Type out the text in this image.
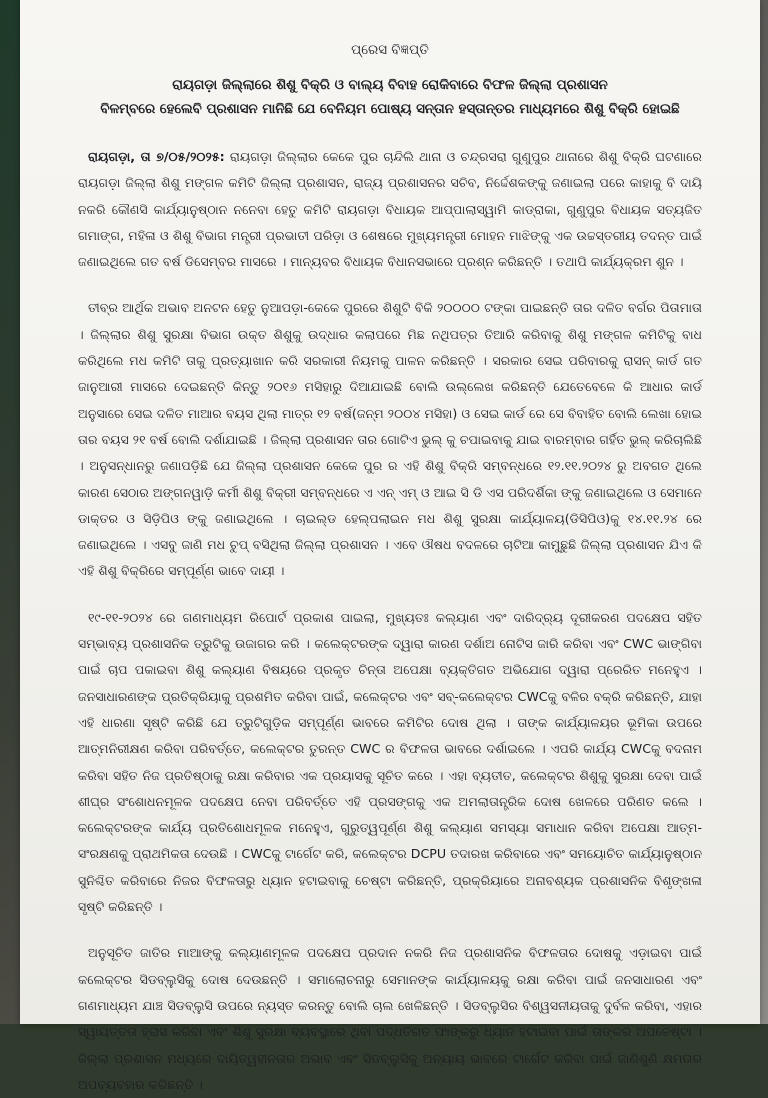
ପ୍ରେସ ବିଜ୍ଞପ୍ତି

ରାୟଗଡ଼ା ଜିଲ୍ଲାରେ ଶିଶୁ ବିକ୍ରି ଓ ବାଲ୍ୟ ବିବାହ ରୋକିବାରେ ବିଫଳ ଜିଲ୍ଲା ପ୍ରଶାସନ

ବିଳମ୍ବରେ ହେଲେବି ପ୍ରଶାସନ ମାନିଛି ଯେ ବେନିୟମ ପୋଷ୍ୟ ସନ୍ତାନ ହସ୍ତାନ୍ତର ମାଧ୍ୟମରେ ଶିଶୁ ବିକ୍ରି ହୋଇଛି

ରାୟଗଡ଼ା, ତା ୭/୦୫/୨୦୨୫: ରାୟଗଡ଼ା ଜିଲ୍ଲାର କେକେ ପୁର ଚାନ୍ଦିଲି ଥାନା ଓ ଚନ୍ଦ୍ରସରା ଗୁଣୁପୁର ଥାନାରେ ଶିଶୁ ବିକ୍ରି ଘଟଣାରେ ରାୟଗଡ଼ା ଜିଲ୍ଲା ଶିଶୁ ମଙ୍ଗଳ କମିଟି ଜିଲ୍ଲା ପ୍ରଶାସନ, ରାଜ୍ୟ ପ୍ରଶାସନର ସଚିବ, ନିର୍ଦ୍ଦେଶକଙ୍କୁ ଜଣାଇଲା ପରେ କାହାକୁ ବି ଦାୟି ନକରି କୌଣସି କାର୍ଯ୍ୟାନୁଷ୍ଠାନ ନନେବା ହେତୁ କମିଟି ରାୟଗଡ଼ା ବିଧାୟକ ଆପ୍ପାଲାସ୍ୱାମି କାଡ୍ରାକା, ଗୁଣୁପୁର ବିଧାୟକ ସତ୍ୟଜିତ ଗମାଙ୍ଗ, ମହିଳା ଓ ଶିଶୁ ବିଭାଗ ମନ୍ତ୍ରୀ ପ୍ରଭାତୀ ପରିଡ଼ା ଓ ଶେଷରେ ମୁଖ୍ୟମନ୍ତ୍ରୀ ମୋହନ ମାଝିଙ୍କୁ ଏକ ଉଚ୍ଚସ୍ତରୀୟ ତଦନ୍ତ ପାଇଁ ଜଣାଇଥିଲେ ଗତ ବର୍ଷ ଡିସେମ୍ବର ମାସରେ । ମାନ୍ୟବର ବିଧାୟକ ବିଧାନସଭାରେ ପ୍ରଶ୍ନ କରିଛନ୍ତି । ତଥାପି କାର୍ଯ୍ୟକ୍ରମ ଶୁନ ।

ତୀବ୍ର ଆର୍ଥିକ ଅଭାବ ଅନଟନ ହେତୁ ନୁଆପଡ଼ା-କେକେ ପୁରରେ ଶିଶୁଟି ବିକି ୨୦୦୦୦ ଟଙ୍କା ପାଇଛନ୍ତି ତାର ଦଳିତ ବର୍ଗର ପିତାମାତା । ଜିଲ୍ଲାର ଶିଶୁ ସୁରକ୍ଷା ବିଭାଗ ଉକ୍ତ ଶିଶୁକୁ ଉଦ୍ଧାର କଲାପରେ ମିଛ ନଥିପତ୍ର ତିଆରି କରିବାକୁ ଶିଶୁ ମଙ୍ଗଳ କମିଟିକୁ ବାଧ କରିଥିଲେ ମଧ କମିଟି ତାକୁ ପ୍ରତ୍ୟାଖାନ କରି ସରକାରୀ ନିୟମକୁ ପାଳନ କରିଛନ୍ତି । ସରକାର ସେଇ ପରିବାରକୁ ରାସନ୍ କାର୍ଡ ଗତ ଜାନୁଆରୀ ମାସରେ ଦେଇଛନ୍ତି କିନ୍ତୁ ୨୦୧୬ ମସିହାରୁ ଦିଆଯାଇଛି ବୋଲି ଉଲ୍ଲେଖ କରିଛନ୍ତି ଯେତେବେଳେ କି ଆଧାର କାର୍ଡ ଅନୁସାରେ ସେଇ ଦଳିତ ମାଆର ବୟସ ଥିଲା ମାତ୍ର ୧୨ ବର୍ଷ(ଜନ୍ମ ୨୦୦୪ ମସିହା) ଓ ସେଇ କାର୍ଡ ରେ ସେ ବିବାହିତ ବୋଲି ଲେଖା ହୋଇ ତାର ବୟସ ୨୧ ବର୍ଷ ବୋଲି ଦର୍ଶାଯାଇଛି । ଜିଲ୍ଲା ପ୍ରଶାସନ ତାର ଗୋଟିଏ ଭୁଲ୍ କୁ ଚପାଇବାକୁ ଯାଇ ବାରମ୍ବାର ଗର୍ହିତ ଭୁଲ୍ କରିଚାଲିଛି । ଅନୁସନ୍ଧାନରୁ ଜଣାପଡ଼ିଛି ଯେ ଜିଲ୍ଲା ପ୍ରଶାସନ କେକେ ପୁର ର ଏହି ଶିଶୁ ବିକ୍ରି ସମ୍ବନ୍ଧରେ ୧୨.୧୧.୨୦୨୪ ରୁ ଅବଗତ ଥିଲେ କାରଣ ସେଠାର ଅଙ୍ଗନୱାଡ଼ି କର୍ମୀ ଶିଶୁ ବିକ୍ରୀ ସମ୍ବନ୍ଧରେ ଏ ଏନ୍ ଏମ୍ ଓ ଆଇ ସି ଡି ଏସ ପରିଦର୍ଶିକା ଙ୍କୁ ଜଣାଇଥିଲେ ଓ ସେମାନେ ଡାକ୍ତର ଓ ସିଡ଼ିପିଓ ଙ୍କୁ ଜଣାଇଥିଲେ । ଚାଇଲ୍ଡ ହେଲ୍ପଲାଇନ ମଧ ଶିଶୁ ସୁରକ୍ଷା କାର୍ଯ୍ୟାଳୟ(ଡିସିପିଓ)କୁ ୧୪.୧୧.୨୪ ରେ ଜଣାଇଥିଲେ । ଏସବୁ ଜାଣି ମଧ ଚୁପ୍ ବସିଥିଲା ଜିଲ୍ଲା ପ୍ରଶାସନ । ଏବେ ଔଷଧ ବଦଳରେ ଚାଟିଆ କାମୁଛୁଛି ଜିଲ୍ଲା ପ୍ରଶାସନ ଯିଏ କି ଏହି ଶିଶୁ ବିକ୍ରିରେ ସମ୍ପୂର୍ଣ୍ଣ ଭାବେ ଦାୟୀ ।

୧୯-୧୧-୨୦୨୪ ରେ ଗଣମାଧ୍ୟମ ରିପୋର୍ଟ ପ୍ରକାଶ ପାଇଲା, ମୁଖ୍ୟତଃ କଲ୍ୟାଣ ଏବଂ ଦାରିଦ୍ର୍ୟ ଦୂରୀକରଣ ପଦକ୍ଷେପ ସହିତ ସମ୍ଭାବ୍ୟ ପ୍ରଶାସନିକ ତ୍ରୁଟିକୁ ଉଜାଗର କରି । କଲେକ୍ଟରଙ୍କ ଦ୍ୱାରା କାରଣ ଦର୍ଶାଅ ନୋଟିସ ଜାରି କରିବା ଏବଂ CWC ଭାଙ୍ଗିବା ପାଇଁ ଚାପ ପକାଇବା ଶିଶୁ କଲ୍ୟାଣ ବିଷୟରେ ପ୍ରକୃତ ଚିନ୍ତା ଅପେକ୍ଷା ବ୍ୟକ୍ତିଗତ ଅଭିଯୋଗ ଦ୍ୱାରା ପ୍ରେରିତ ମନେହୁଏ । ଜନସାଧାରଣଙ୍କ ପ୍ରତିକ୍ରିୟାକୁ ପ୍ରଶମିତ କରିବା ପାଇଁ, କଲେକ୍ଟର ଏବଂ ସବ୍-କଲେକ୍ଟର CWCକୁ ବଳିର ବକ୍ରି କରିଛନ୍ତି, ଯାହା ଏହି ଧାରଣା ସୃଷ୍ଟି କରିଛି ଯେ ତ୍ରୁଟିଗୁଡ଼ିକ ସମ୍ପୂର୍ଣ୍ଣ ଭାବରେ କମିଟିର ଦୋଷ ଥିଲା । ତାଙ୍କ କାର୍ଯ୍ୟାଳୟର ଭୂମିକା ଉପରେ ଆତ୍ମନିରୀକ୍ଷଣ କରିବା ପରିବର୍ତ୍ତେ, କଲେକ୍ଟର ତୁରନ୍ତ CWC ର ବିଫଳତା ଭାବରେ ଦର୍ଶାଇଲେ । ଏପରି କାର୍ଯ୍ୟ CWCକୁ ବଦନାମ କରିବା ସହିତ ନିଜ ପ୍ରତିଷ୍ଠାକୁ ରକ୍ଷା କରିବାର ଏକ ପ୍ରୟାସକୁ ସୂଚିତ କରେ । ଏହା ବ୍ୟତୀତ, କଲେକ୍ଟର ଶିଶୁକୁ ସୁରକ୍ଷା ଦେବା ପାଇଁ ଶୀଘ୍ର ସଂଶୋଧନମୂଳକ ପଦକ୍ଷେପ ନେବା ପରିବର୍ତ୍ତେ ଏହି ପ୍ରସଙ୍ଗକୁ ଏକ ଅମଲାତାନ୍ତ୍ରିକ ଦୋଷ ଖେଳରେ ପରିଣତ କଲେ । କଲେକ୍ଟରଙ୍କ କାର୍ଯ୍ୟ ପ୍ରତିଶୋଧମୂଳକ ମନେହୁଏ, ଗୁରୁତ୍ୱପୂର୍ଣ୍ଣ ଶିଶୁ କଲ୍ୟାଣ ସମସ୍ୟା ସମାଧାନ କରିବା ଅପେକ୍ଷା ଆତ୍ମ-ସଂରକ୍ଷଣକୁ ପ୍ରାଥମିକତା ଦେଉଛି । CWCକୁ ଟାର୍ଗେଟ କରି, କଲେକ୍ଟର DCPU ତଦାରଖ କରିବାରେ ଏବଂ ସମୟୋଚିତ କାର୍ଯ୍ୟାନୁଷ୍ଠାନ ସୁନିଶ୍ଚିତ କରିବାରେ ନିଜର ବିଫଳତାରୁ ଧ୍ୟାନ ହଟାଇବାକୁ ଚେଷ୍ଟା କରିଛନ୍ତି, ପ୍ରକ୍ରିୟାରେ ଅନାବଶ୍ୟକ ପ୍ରଶାସନିକ ବିଶୃଙ୍ଖଳା ସୃଷ୍ଟି କରିଛନ୍ତି ।

ଅନୁସୂଚିତ ଜାତିର ମାଆଙ୍କୁ କଲ୍ୟାଣମୂଳକ ପଦକ୍ଷେପ ପ୍ରଦାନ ନକରି ନିଜ ପ୍ରଶାସନିକ ବିଫଳତାର ଦୋଷକୁ ଏଡ଼ାଇବା ପାଇଁ କଲେକ୍ଟର ସିଡବ୍ଲୁସିକୁ ଦୋଷ ଦେଉଛନ୍ତି । ସମାଲୋଚନାରୁ ସେମାନଙ୍କ କାର୍ଯ୍ୟାଳୟକୁ ରକ୍ଷା କରିବା ପାଇଁ ଜନସାଧାରଣ ଏବଂ ଗଣମାଧ୍ୟମ ଯାଞ୍ଚ ସିଡବ୍ଲୁସି ଉପରେ ନ୍ୟସ୍ତ କରନ୍ତୁ ବୋଲି ଚାଲ ଖେଳିଛନ୍ତି । ସିଡବ୍ଲୁସିର ବିଶ୍ୱସନୀୟତାକୁ ଦୁର୍ବଳ କରିବା, ଏହାର ସ୍ୱାୟତ୍ତତା ହ୍ରାସ କରିବା ଏବଂ ଶିଶୁ ସୁରକ୍ଷା ବ୍ୟବସ୍ଥାରେ ଥିବା ପଦ୍ଧତିଗତ ଫାଙ୍କରୁ ଧ୍ୟାନ ହଟାଇବା ପାଇଁ ତାଙ୍କର ଅପଚେଷ୍ଟା । ଜିଲ୍ଲା ପ୍ରଶାସନ ମଧ୍ୟରେ ଦାୟିତ୍ୱହୀନତାର ଅଭାବ ଏବଂ ସିଡବ୍ଲୁସିକୁ ଅନ୍ୟାୟ ଭାବରେ ଟାର୍ଗେଟ କରିବା ପାଇଁ ଜାଣିଶୁଣି କ୍ଷମତାର ଅପବ୍ୟବହାର କରିଛନ୍ତି ।
